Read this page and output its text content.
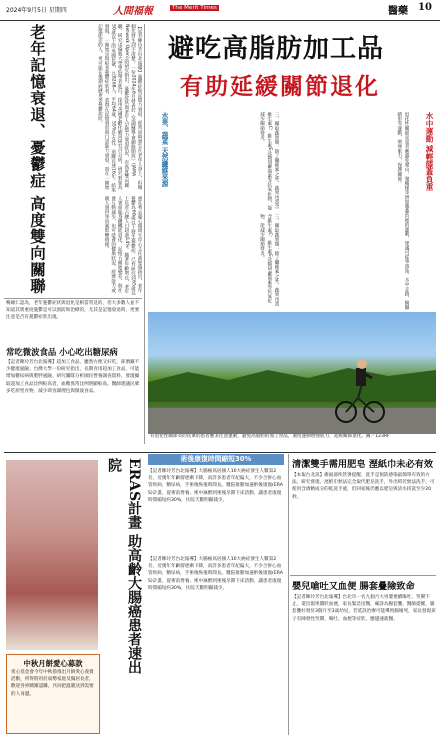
2024年9月5日 星期四	人間福報	The Merit Times	醫藥 10
老年記憶衰退、憂鬱症 高度雙向關聯	【記者陳玲芳台北報導】憂鬱症和記憶力衰退，經常同時發生在老年人身上，但哪個先發生到不清楚。一份2024年6月發表於《美國醫學會網路開放》(JAMA Network Open)的研究指出，憂鬱症狀與老年人記憶力衰退狀況，有高度雙向關聯。研究由倫敦大學學院學者進行，採用英國老齡化縱向研究百分析，研究對象為50歲以上的英國民眾，共8268人，平均64歲，55%是女性，追蹤長達16年。結果發現，一開始呈現較多憂鬱症狀者，表現在記憶衰退與口語能力衰退。而在一開始記憶能差的人，更可能在後期經歷更多憂鬱症狀。
重孔秀去憂心環境生中心主任黃聖瑜指出，老年憂鬱為60歲以上發生憂鬱症，已有研究到65歲以上長者占總人口超過14%。隨著年齡增長，老年人會面臨身體機能退化、記憶力開始變差、與社會互動減少，也可能會因健康狀況、經濟能力或親人過世等因素影響情緒。
暢總仁認為，老年憂鬱症狀與退化是相當常見的，但大多數人並不知道其實重度憂鬱是可以預防和治療的，尤其是記憶衰退時，更要注意是否有憂鬱症狀出現。
常吃微波食品 小心吃出糖尿病
【記者陳玲芳台北報導】超加工食品，雖然方便又好吃，卻潛藏不少健康風險。台灣大學一份研究指出，長期食用超加工食品，可能增加糖尿病與肥胖風險。研究團隊分析國民營養調查資料，發現攝取超加工食品比例較高者，血糖異常比例明顯較高。醫師建議民眾多吃原型食物，減少即食調理包與微波食品。
避吃高脂肪加工品
有助延緩關節退化
水果、蔬菜 天然纖維來源
三、攝取蔬果類：除了纖維素之外，蔬果也富含維生素C、維生素E及類胡蘿蔔素等抗氧化物，能減少關節發炎。
三、攝取蔬果類：除了纖維素之外，蔬果也富含維生素C、維生素E及類胡蘿蔔素等抗氧化物，能減少關節發炎。	退化性關節炎患者應避免爬山、爬樓梯等增加膝蓋負擔的運動，建議可從事游泳、水中走路、騎腳踏車等運動，增強肌力，保護關節。	水中運動 減輕膝蓋負重
有退化性關節炎的民眾的患者應多注意運動，避免高脂肪的加工食品，適度運動增強肌力，延緩關節退化。圖／123RF
術後康復時間縮短30%
ERAS計畫 助高齡大腸癌患者速出院	【記者陳玲芳台北報導】大腸癌高居國人10大癌症發生人數第2名，近幾年年齡層逐漸下降，而許多患者年紀偏大，不少合併心血管疾病、糖尿病，手術後恢復時間長。醫院推動加速術後康復(ERAS)計畫，從術前營養、術中麻醉到術後早期下床活動，讓患者康復時間縮短約30%，住院天數明顯減少。
【記者陳玲芳台北報導】大腸癌高居國人10大癌症發生人數第2名，近幾年年齡層逐漸下降，而許多患者年紀偏大，不少合併心血管疾病、糖尿病，手術後恢復時間長。醫院推動加速術後康復(ERAS)計畫，從術前營養、術中麻醉到術後早期下床活動，讓患者康復時間縮短約30%，住院天數明顯減少。
清潔雙手需用肥皂 溼紙巾未必有效
【本報台北訊】衛福部疾管署提醒，洗手是預防感染最簡單有效的方法。研究發現，溼紙巾無法完全取代肥皂洗手，外出時若無法洗手，可使用含酒精成分的乾洗手液，但回家後仍應以肥皂與清水搓洗至少20秒。
嬰兒嗆吐又血便 腸套疊險致命
【記者陳玲芳台北報導】台北市一名九個月大男嬰連續嘔吐、哭鬧不止，還出現果醬狀血便，家長緊急送醫，確診為腸套疊。醫師提醒，腸套疊好發於3個月至3歲幼兒，若延誤治療可能導致腸壞死，家長發現孩子有陣發性哭鬧、嘔吐、血便等症狀，應儘速就醫。
中秋月餅愛心募款
愛心基金會今年中秋節推出月餅愛心義賣活動，所得將用於弱勢家庭及獨居長者，歡迎各界踴躍認購，共同把溫暖送到需要的人身邊。
